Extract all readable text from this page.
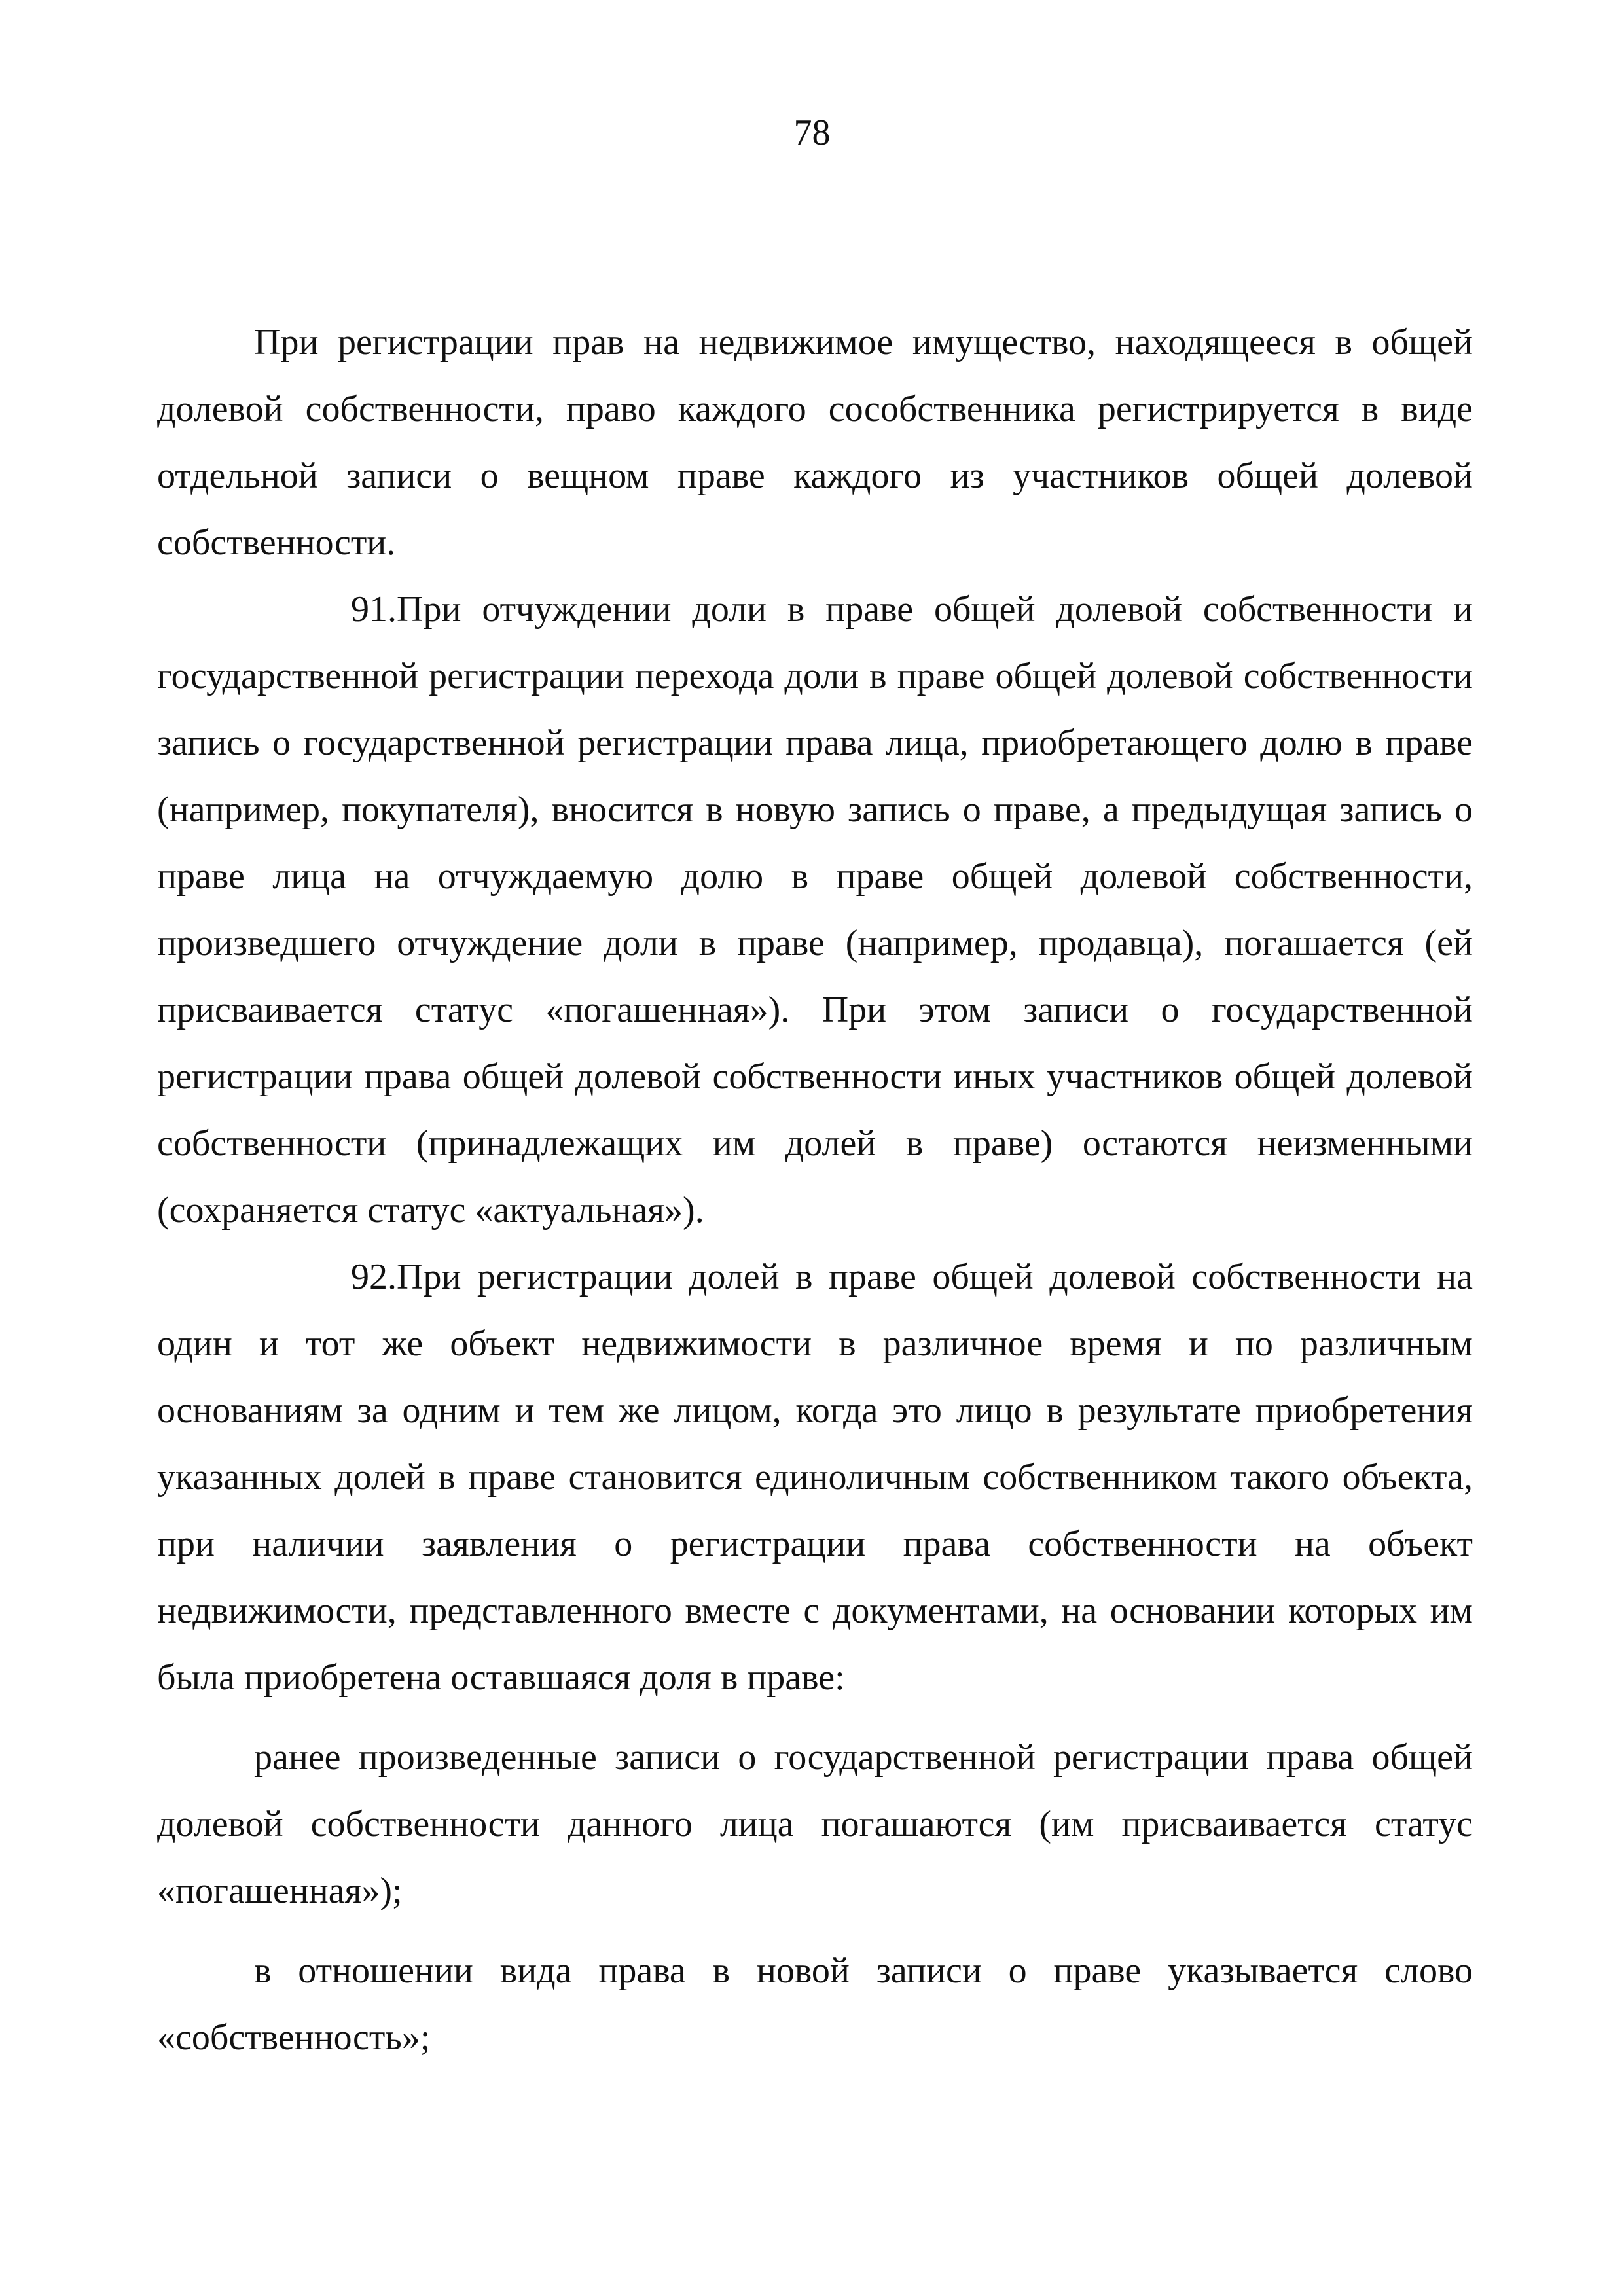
78

При регистрации прав на недвижимое имущество, находящееся в общей долевой собственности, право каждого сособственника регистрируется в виде отдельной записи о вещном праве каждого из участников общей долевой собственности.

91.При отчуждении доли в праве общей долевой собственности и государственной регистрации перехода доли в праве общей долевой собственности запись о государственной регистрации права лица, приобретающего долю в праве (например, покупателя), вносится в новую запись о праве, а предыдущая запись о праве лица на отчуждаемую долю в праве общей долевой собственности, произведшего отчуждение доли в праве (например, продавца), погашается (ей присваивается статус «погашенная»). При этом записи о государственной регистрации права общей долевой собственности иных участников общей долевой собственности (принадлежащих им долей в праве) остаются неизменными (сохраняется статус «актуальная»).

92.При регистрации долей в праве общей долевой собственности на один и тот же объект недвижимости в различное время и по различным основаниям за одним и тем же лицом, когда это лицо в результате приобретения указанных долей в праве становится единоличным собственником такого объекта, при наличии заявления о регистрации права собственности на объект недвижимости, представленного вместе с документами, на основании которых им была приобретена оставшаяся доля в праве:

ранее произведенные записи о государственной регистрации права общей долевой собственности данного лица погашаются (им присваивается статус «погашенная»);

в отношении вида права в новой записи о праве указывается слово «собственность»;
